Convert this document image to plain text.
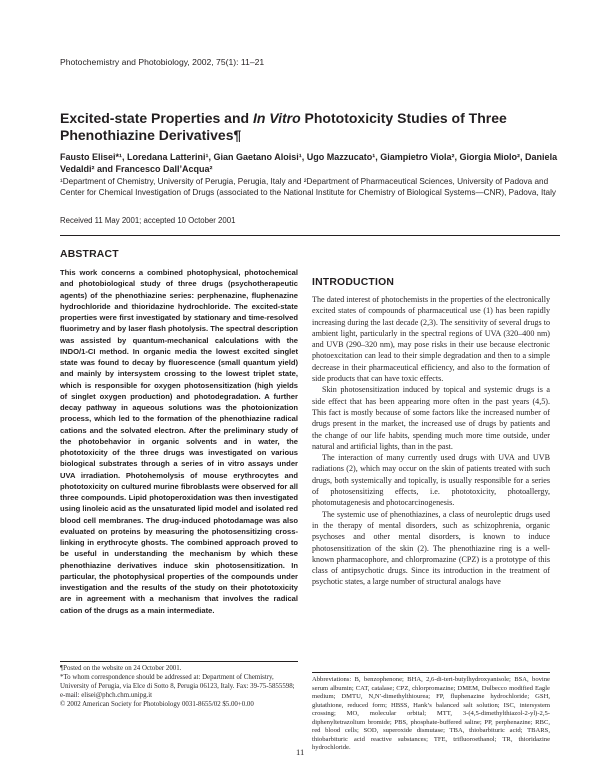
Photochemistry and Photobiology, 2002, 75(1): 11–21
Excited-state Properties and In Vitro Phototoxicity Studies of Three Phenothiazine Derivatives¶
Fausto Elisei*¹, Loredana Latterini¹, Gian Gaetano Aloisi¹, Ugo Mazzucato¹, Giampietro Viola², Giorgia Miolo², Daniela Vedaldi² and Francesco Dall’Acqua²
¹Department of Chemistry, University of Perugia, Perugia, Italy and ²Department of Pharmaceutical Sciences, University of Padova and Center for Chemical Investigation of Drugs (associated to the National Institute for Chemistry of Biological Systems—CNR), Padova, Italy
Received 11 May 2001; accepted 10 October 2001
ABSTRACT
This work concerns a combined photophysical, photochemical and photobiological study of three drugs (psychotherapeutic agents) of the phenothiazine series: perphenazine, fluphenazine hydrochloride and thioridazine hydrochloride. The excited-state properties were first investigated by stationary and time-resolved fluorimetry and by laser flash photolysis. The spectral description was assisted by quantum-mechanical calculations with the INDO/1-CI method. In organic media the lowest excited singlet state was found to decay by fluorescence (small quantum yield) and mainly by intersystem crossing to the lowest triplet state, which is responsible for oxygen photosensitization (high yields of singlet oxygen production) and photodegradation. A further decay pathway in aqueous solutions was the photoionization process, which led to the formation of the phenothiazine radical cations and the solvated electron. After the preliminary study of the photobehavior in organic solvents and in water, the phototoxicity of the three drugs was investigated on various biological substrates through a series of in vitro assays under UVA irradiation. Photohemolysis of mouse erythrocytes and phototoxicity on cultured murine fibroblasts were observed for all three compounds. Lipid photoperoxidation was then investigated using linoleic acid as the unsaturated lipid model and isolated red blood cell membranes. The drug-induced photodamage was also evaluated on proteins by measuring the photosensitizing cross-linking in erythrocyte ghosts. The combined approach proved to be useful in understanding the mechanism by which these phenothiazine derivatives induce skin photosensitization. In particular, the photophysical properties of the compounds under investigation and the results of the study on their phototoxicity are in agreement with a mechanism that involves the radical cation of the drugs as a main intermediate.
INTRODUCTION

The dated interest of photochemists in the properties of the electronically excited states of compounds of pharmaceutical use (1) has been rapidly increasing during the last decade (2,3). The sensitivity of several drugs to ambient light, particularly in the spectral regions of UVA (320–400 nm) and UVB (290–320 nm), may pose risks in their use because electronic photoexcitation can lead to their simple degradation and then to a simple decrease in their pharmaceutical efficiency, and also to the formation of side products that can have toxic effects.

Skin photosensitization induced by topical and systemic drugs is a side effect that has been appearing more often in the past years (4,5). This fact is mostly because of some factors like the increased number of drugs present in the market, the increased use of drugs by patients and the change of our life habits, spending much more time outside, under natural and artificial lights, than in the past.

The interaction of many currently used drugs with UVA and UVB radiations (2), which may occur on the skin of patients treated with such drugs, both systemically and topically, is usually responsible for a series of photosensitizing effects, i.e. phototoxicity, photoallergy, photomutagenesis and photocarcinogenesis.

The systemic use of phenothiazines, a class of neuroleptic drugs used in the therapy of mental disorders, such as schizophrenia, organic psychoses and other mental disorders, is known to induce photosensitization of the skin (2). The phenothiazine ring is a well-known pharmacophore, and chlorpromazine (CPZ) is a prototype of this class of antipsychotic drugs. Since its introduction in the treatment of psychotic states, a large number of structural analogs have

¶Posted on the website on 24 October 2001.

*To whom correspondence should be addressed at: Department of Chemistry, University of Perugia, via Elce di Sotto 8, Perugia 06123, Italy. Fax: 39-75-5855598; e-mail: elisei@phch.chm.unipg.it

© 2002 American Society for Photobiology 0031-8655/02 $5.00+0.00

Abbreviations: B, benzophenone; BHA, 2,6-di-tert-butylhydroxyanisole; BSA, bovine serum albumin; CAT, catalase; CPZ, chlorpromazine; DMEM, Dulbecco modified Eagle medium; DMTU, N,N′-dimethylthiourea; FP, fluphenazine hydrochloride; GSH, glutathione, reduced form; HBSS, Hank’s balanced salt solution; ISC, intersystem crossing; MO, molecular orbital; MTT, 3-(4,5-dimethylthiazol-2-yl)-2,5-diphenyltetrazolium bromide; PBS, phosphate-buffered saline; PP, perphenazine; RBC, red blood cells; SOD, superoxide dismutase; TBA, thiobarbituric acid; TBARS, thiobarbituric acid reactive substances; TFE, trifluoroethanol; TR, thioridazine hydrochloride.
11
